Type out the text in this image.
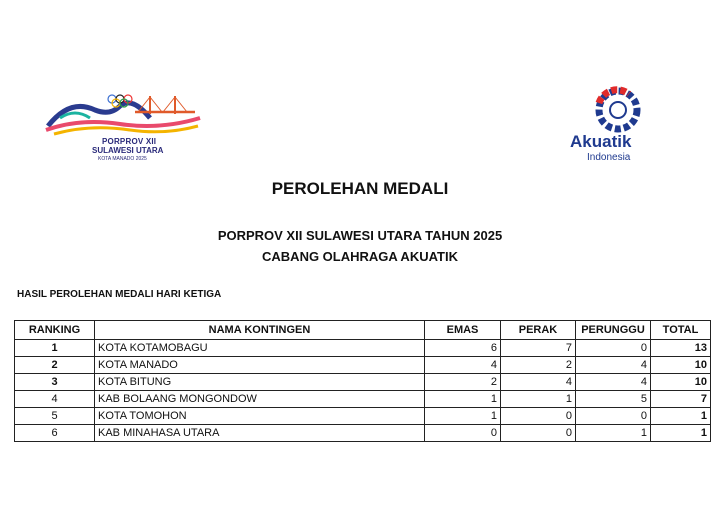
PORPROV XII
SULAWESI UTARA
KOTA MANADO 2025
Akuatik
Indonesia
PEROLEHAN MEDALI
PORPROV XII SULAWESI UTARA TAHUN 2025
CABANG OLAHRAGA AKUATIK
HASIL PEROLEHAN MEDALI HARI KETIGA
RANKING	NAMA KONTINGEN	EMAS	PERAK	PERUNGGU	TOTAL
1	KOTA KOTAMOBAGU	6	7	0	13
2	KOTA MANADO	4	2	4	10
3	KOTA BITUNG	2	4	4	10
4	KAB BOLAANG MONGONDOW	1	1	5	7
5	KOTA TOMOHON	1	0	0	1
6	KAB MINAHASA UTARA	0	0	1	1
